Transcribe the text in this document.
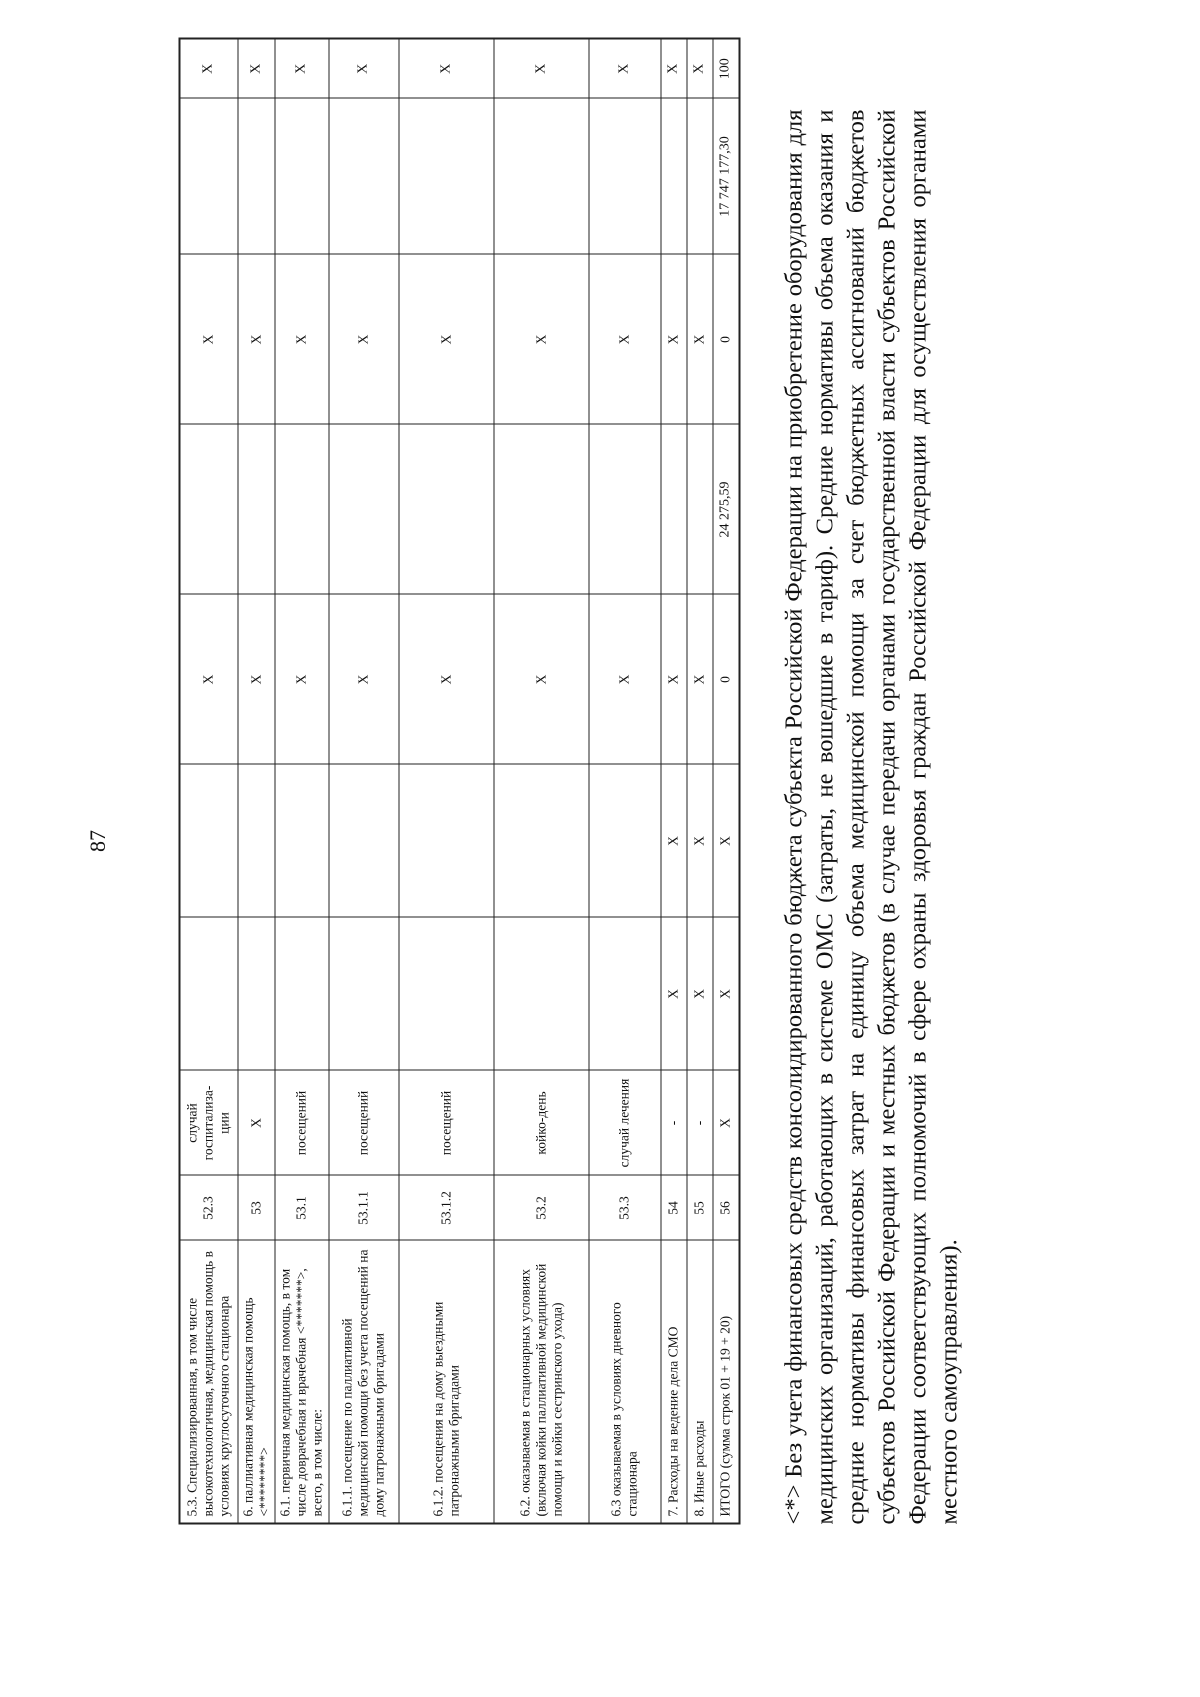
87
5.3. Специализированная, в том числе высокотехнологичная, медицинская помощь в условиях круглосуточного стационара	52.3	случай госпитализа-ции			X		X		X
6. паллиативная медицинская помощь <********>	53	X			X		X		X
6.1. первичная медицинская помощь, в том числе доврачебная и врачебная <*******>, всего, в том числе:	53.1	посещений			X		X		X
6.1.1. посещение по паллиативной медицинской помощи без учета посещений на дому патронажными бригадами	53.1.1	посещений			X		X		X
6.1.2. посещения на дому выездными патронажными бригадами	53.1.2	посещений			X		X		X
6.2. оказываемая в стационарных условиях (включая койки паллиативной медицинской помощи и койки сестринского ухода)	53.2	койко-день			X		X		X
6.3 оказываемая в условиях дневного стационара	53.3	случай лечения			X		X		X
7. Расходы на ведение дела СМО	54	-	X	X	X		X		X
8. Иные расходы	55	-	X	X	X		X		X
ИТОГО (сумма строк 01 + 19 + 20)	56	X	X	X	0	24 275,59	0	17 747 177,30	100
<*> Без учета финансовых средств консолидированного бюджета субъекта Российской Федерации на приобретение оборудования для медицинских организаций, работающих в системе ОМС (затраты, не вошедшие в тариф). Средние нормативы объема оказания и средние нормативы финансовых затрат на единицу объема медицинской помощи за счет бюджетных ассигнований бюджетов субъектов Российской Федерации и местных бюджетов (в случае передачи органами государственной власти субъектов Российской Федерации соответствующих полномочий в сфере охраны здоровья граждан Российской Федерации для осуществления органами местного самоуправления).
